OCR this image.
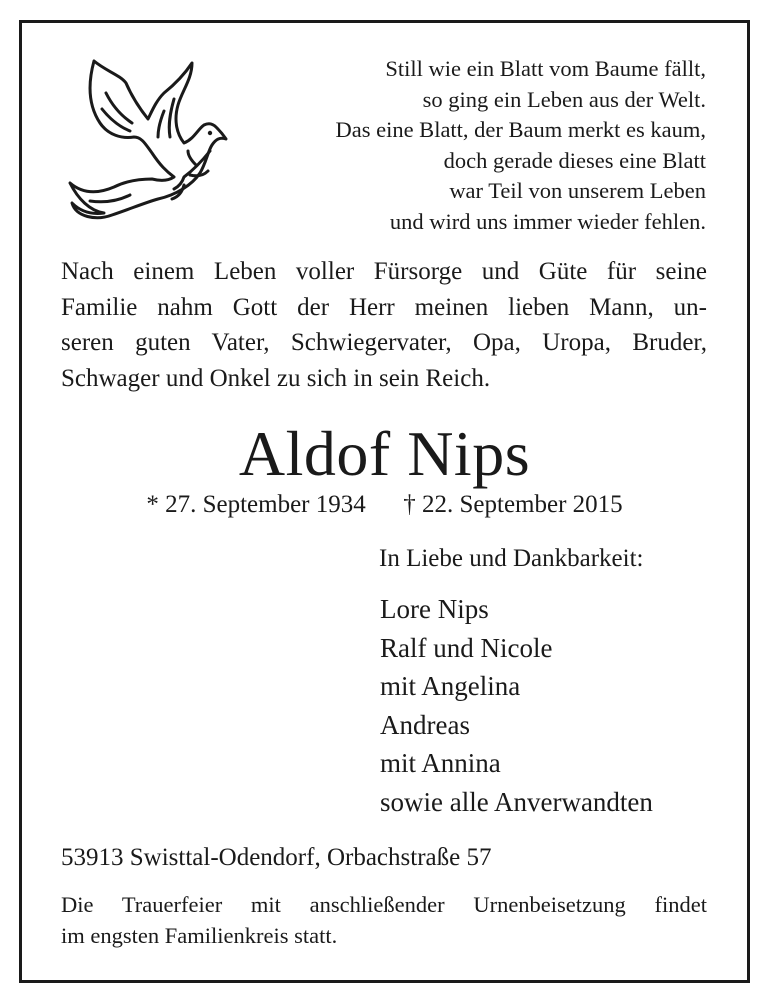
Still wie ein Blatt vom Baume fällt,
so ging ein Leben aus der Welt.
Das eine Blatt, der Baum merkt es kaum,
doch gerade dieses eine Blatt
war Teil von unserem Leben
und wird uns immer wieder fehlen.
Nach einem Leben voller Fürsorge und Güte für seine
Familie nahm Gott der Herr meinen lieben Mann, un-
seren guten Vater, Schwiegervater, Opa, Uropa, Bruder,
Schwager und Onkel zu sich in sein Reich.
Aldof Nips
* 27. September 1934 † 22. September 2015
In Liebe und Dankbarkeit:
Lore Nips
Ralf und Nicole
mit Angelina
Andreas
mit Annina
sowie alle Anverwandten
53913 Swisttal-Odendorf, Orbachstraße 57
Die Trauerfeier mit anschließender Urnenbeisetzung findet
im engsten Familienkreis statt.
